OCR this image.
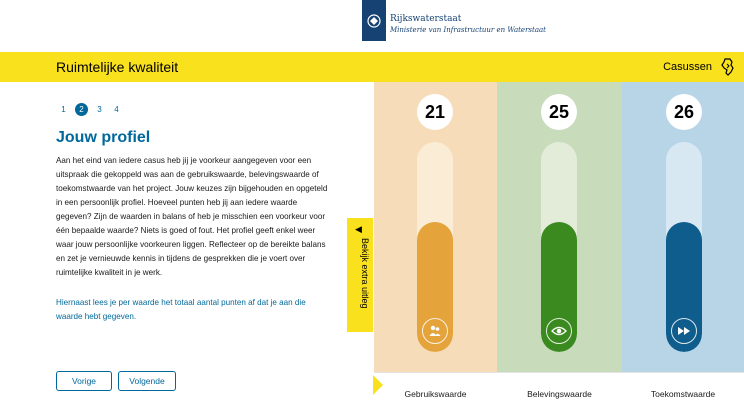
Rijkswaterstaat
Ministerie van Infrastructuur en Waterstaat
Ruimtelijke kwaliteit	Casussen
1	2	3	4
Jouw profiel

Aan het eind van iedere casus heb jij je voorkeur aangegeven voor een uitspraak die gekoppeld was aan de gebruikswaarde, belevingswaarde of toekomstwaarde van het project. Jouw keuzes zijn bijgehouden en opgeteld in een persoonlijk profiel. Hoeveel punten heb jij aan iedere waarde gegeven? Zijn de waarden in balans of heb je misschien een voorkeur voor één bepaalde waarde? Niets is goed of fout. Het profiel geeft enkel weer waar jouw persoonlijke voorkeuren liggen. Reflecteer op de bereikte balans en zet je vernieuwde kennis in tijdens de gesprekken die je voert over ruimtelijke kwaliteit in je werk.

Hiernaast lees je per waarde het totaal aantal punten af dat je aan die waarde hebt gegeven.

Vorige	Volgende
21
Gebruikswaarde
25
Belevingswaarde
26
Toekomstwaarde
◀
Bekijk extra uitleg
